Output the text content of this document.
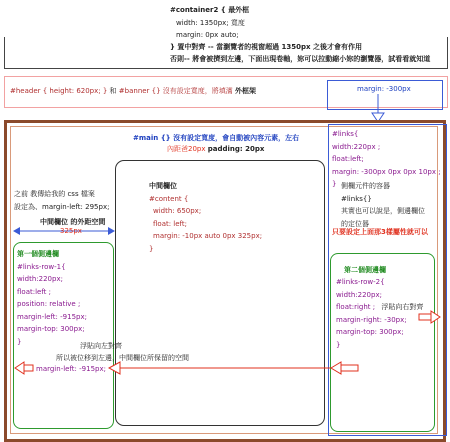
#container2 { 最外框
width: 1350px; 寬度
margin: 0px auto;
} 置中對齊 -- 當瀏覽者的視窗超過 1350px 之後才會有作用
否則-- 將會被擠到左邊，下面出現卷軸，妳可以拉動縮小妳的瀏覽器，試看看就知道
#header { height: 620px; } 和 #banner {} 沒有設定寬度，將填滿 外框架	margin: -300px
#main {} 沒有設定寬度，會自動被內容元素，左右
內距爸20px padding: 20px
#links{
width:220px ;
float:left;
margin: -300px 0px 0px 10px ;
} 側欄元件的容器
#links{}
其實也可以說是，側邊欄位
的定位器
只要設定上面那3樣屬性就可以
中間欄位
#content {
width: 650px;
float: left;
margin: -10px auto 0px 325px;
}
之前 教傳給我的 css 檔案
設定為、margin-left: 295px;
中間欄位 的外距空間
325px
第一個側邊欄
#links-row-1{
width:220px;
float:left ;
position: relative ;
margin-left: -915px;
margin-top: 300px;
}
第二個側邊欄
#links-row-2{
width:220px;
float:right ; 浮貼向右對齊
margin-right: -30px;
margin-top: 300px;
}
浮貼向左對齊
所以被位移到左邊，中間欄位所保留的空間
margin-left: -915px;
